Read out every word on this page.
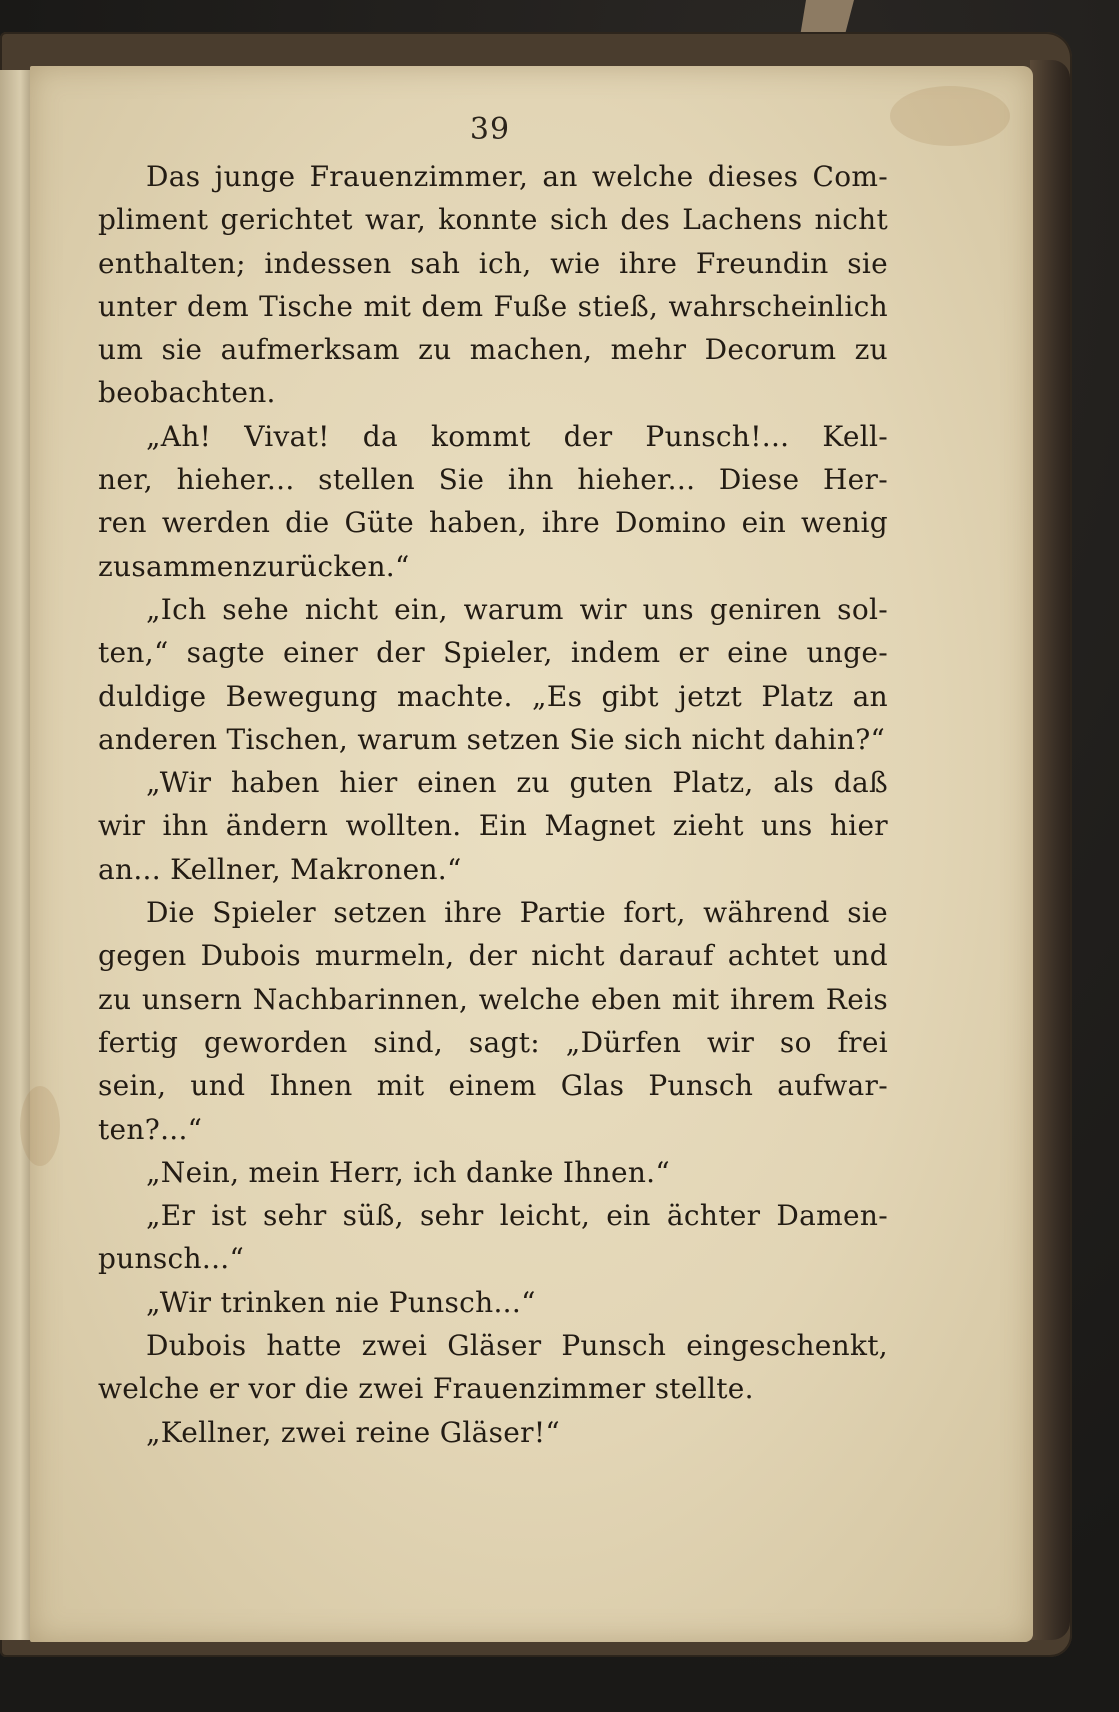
39
Das junge Frauenzimmer, an welche dieses Com-
pliment gerichtet war, konnte sich des Lachens nicht
enthalten; indessen sah ich, wie ihre Freundin sie
unter dem Tische mit dem Fuße stieß, wahrscheinlich
um sie aufmerksam zu machen, mehr Decorum zu
beobachten.
„Ah! Vivat! da kommt der Punsch!... Kell-
ner, hieher... stellen Sie ihn hieher... Diese Her-
ren werden die Güte haben, ihre Domino ein wenig
zusammenzurücken.“
„Ich sehe nicht ein, warum wir uns geniren sol-
ten,“ sagte einer der Spieler, indem er eine unge-
duldige Bewegung machte. „Es gibt jetzt Platz an
anderen Tischen, warum setzen Sie sich nicht dahin?“
„Wir haben hier einen zu guten Platz, als daß
wir ihn ändern wollten. Ein Magnet zieht uns hier
an... Kellner, Makronen.“
Die Spieler setzen ihre Partie fort, während sie
gegen Dubois murmeln, der nicht darauf achtet und
zu unsern Nachbarinnen, welche eben mit ihrem Reis
fertig geworden sind, sagt: „Dürfen wir so frei
sein, und Ihnen mit einem Glas Punsch aufwar-
ten?...“
„Nein, mein Herr, ich danke Ihnen.“
„Er ist sehr süß, sehr leicht, ein ächter Damen-
punsch...“
„Wir trinken nie Punsch...“
Dubois hatte zwei Gläser Punsch eingeschenkt,
welche er vor die zwei Frauenzimmer stellte.
„Kellner, zwei reine Gläser!“
